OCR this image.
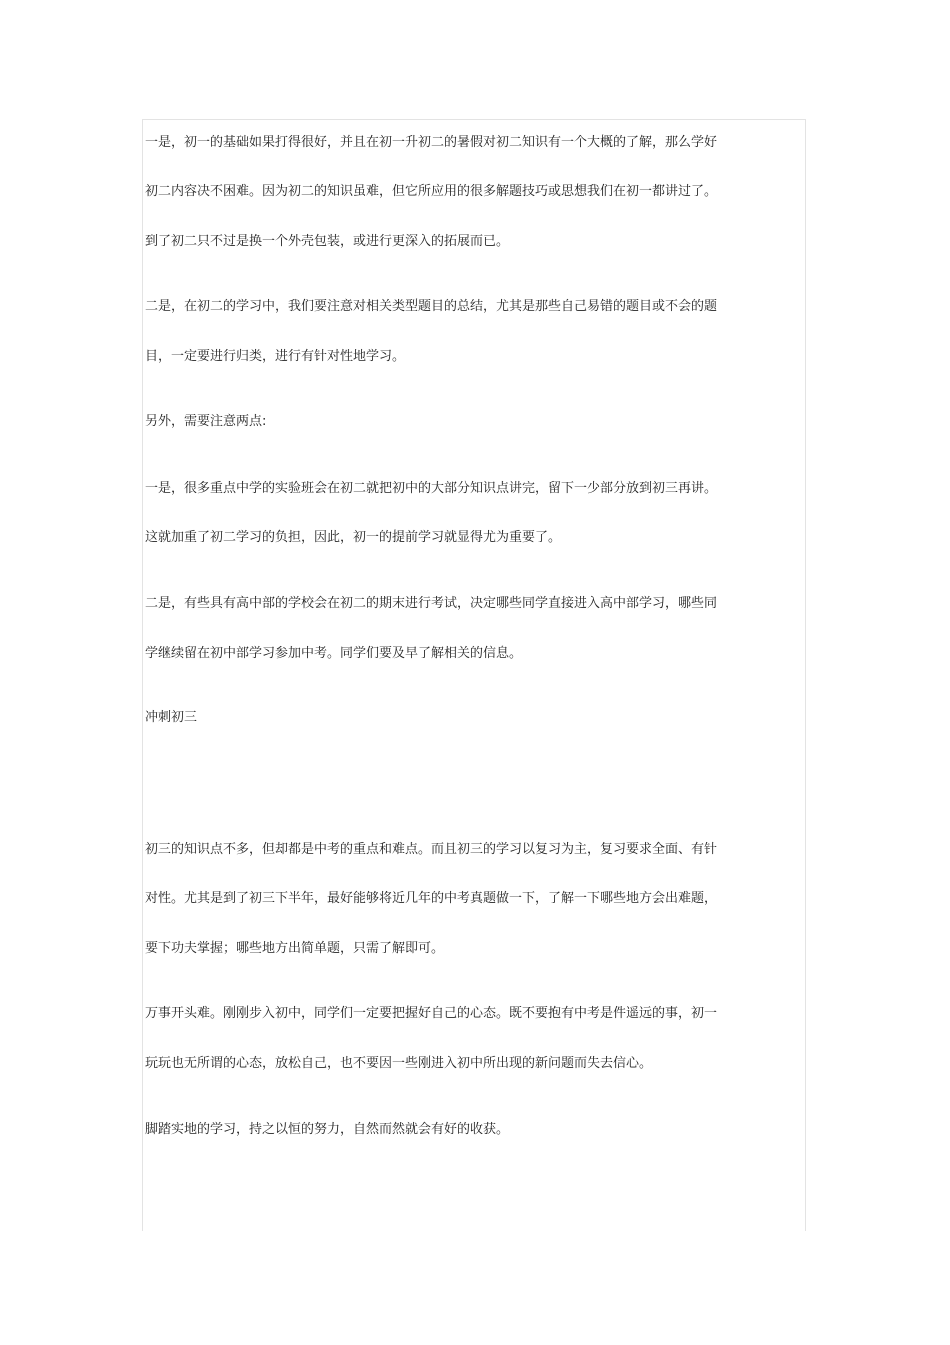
一是，初一的基础如果打得很好，并且在初一升初二的暑假对初二知识有一个大概的了解，那么学好
初二内容决不困难。因为初二的知识虽难，但它所应用的很多解题技巧或思想我们在初一都讲过了。
到了初二只不过是换一个外壳包装，或进行更深入的拓展而已。
二是，在初二的学习中，我们要注意对相关类型题目的总结，尤其是那些自己易错的题目或不会的题
目，一定要进行归类，进行有针对性地学习。
另外，需要注意两点:
一是，很多重点中学的实验班会在初二就把初中的大部分知识点讲完，留下一少部分放到初三再讲。
这就加重了初二学习的负担，因此，初一的提前学习就显得尤为重要了。
二是，有些具有高中部的学校会在初二的期末进行考试，决定哪些同学直接进入高中部学习，哪些同
学继续留在初中部学习参加中考。同学们要及早了解相关的信息。
冲刺初三
初三的知识点不多，但却都是中考的重点和难点。而且初三的学习以复习为主，复习要求全面、有针
对性。尤其是到了初三下半年，最好能够将近几年的中考真题做一下，了解一下哪些地方会出难题，
要下功夫掌握；哪些地方出简单题，只需了解即可。
万事开头难。刚刚步入初中，同学们一定要把握好自己的心态。既不要抱有中考是件遥远的事，初一
玩玩也无所谓的心态，放松自己，也不要因一些刚进入初中所出现的新问题而失去信心。
脚踏实地的学习，持之以恒的努力，自然而然就会有好的收获。
